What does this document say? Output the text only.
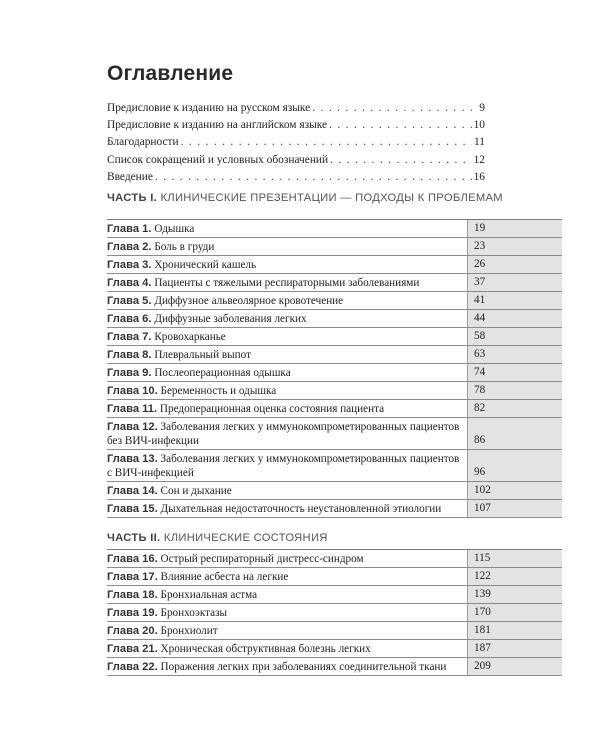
Оглавление
Предисловие к изданию на русском языке . . .	9
Предисловие к изданию на английском языке . . .	10
Благодарности . . .	11
Список сокращений и условных обозначений . . .	12
Введение . . .	16
ЧАСТЬ I. КЛИНИЧЕСКИЕ ПРЕЗЕНТАЦИИ — ПОДХОДЫ К ПРОБЛЕМАМ
Глава 1. Одышка	19
Глава 2. Боль в груди	23
Глава 3. Хронический кашель	26
Глава 4. Пациенты с тяжелыми респираторными заболеваниями	37
Глава 5. Диффузное альвеолярное кровотечение	41
Глава 6. Диффузные заболевания легких	44
Глава 7. Кровохарканье	58
Глава 8. Плевральный выпот	63
Глава 9. Послеоперационная одышка	74
Глава 10. Беременность и одышка	78
Глава 11. Предоперационная оценка состояния пациента	82
Глава 12. Заболевания легких у иммунокомпрометированных пациентов без ВИЧ-инфекции	86
Глава 13. Заболевания легких у иммунокомпрометированных пациентов с ВИЧ-инфекцией	96
Глава 14. Сон и дыхание	102
Глава 15. Дыхательная недостаточность неустановленной этиологии	107
ЧАСТЬ II. КЛИНИЧЕСКИЕ СОСТОЯНИЯ
Глава 16. Острый респираторный дистресс-синдром	115
Глава 17. Влияние асбеста на легкие	122
Глава 18. Бронхиальная астма	139
Глава 19. Бронхоэктазы	170
Глава 20. Бронхиолит	181
Глава 21. Хроническая обструктивная болезнь легких	187
Глава 22. Поражения легких при заболеваниях соединительной ткани	209
